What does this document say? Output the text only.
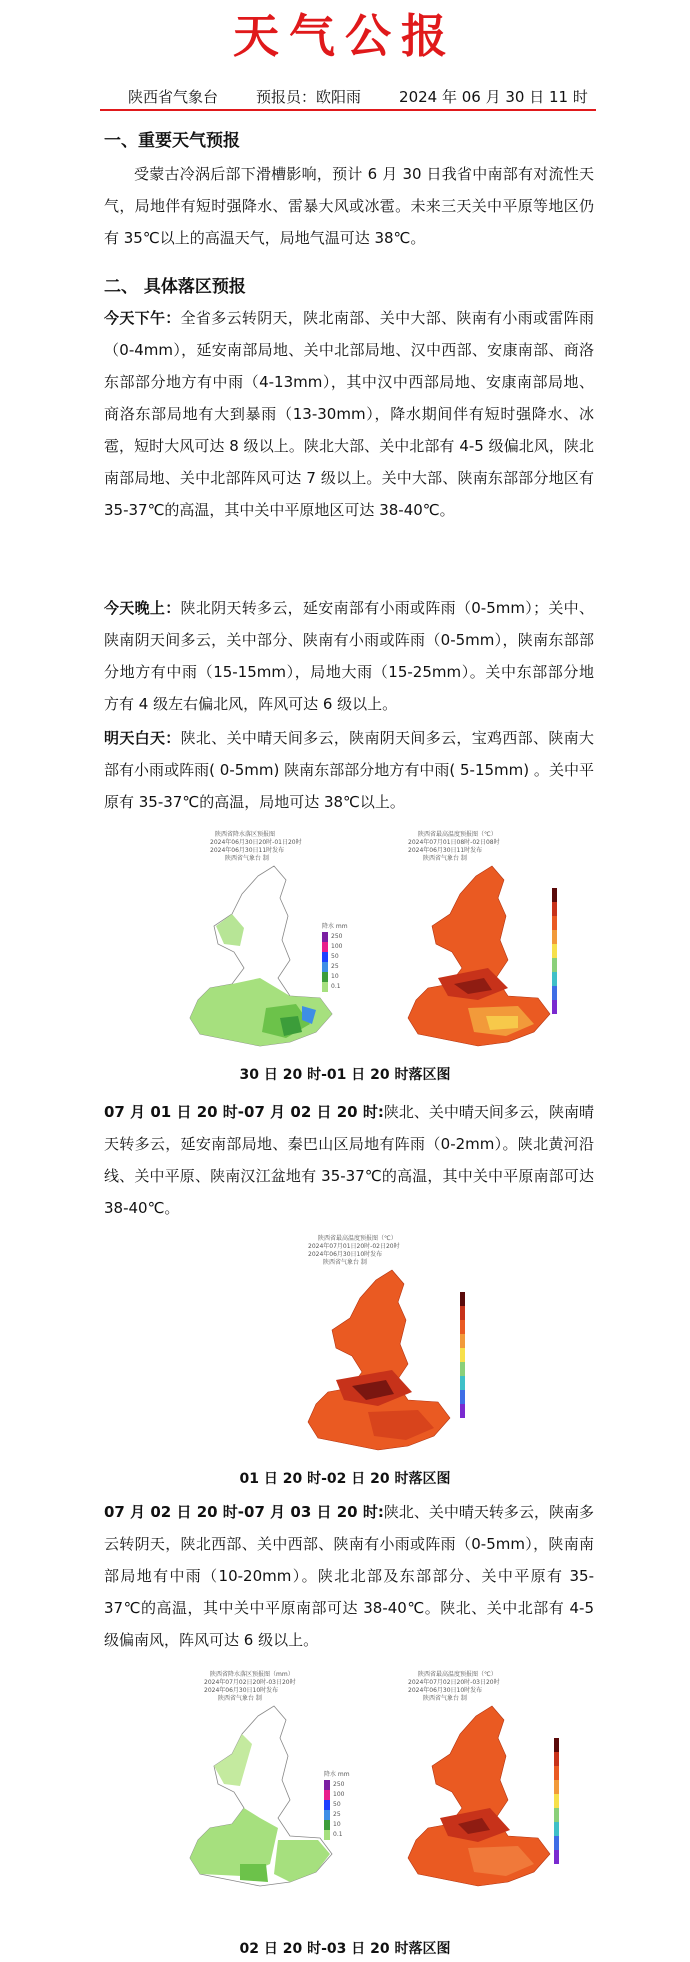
天气公报
陕西省气象台	预报员：欧阳雨	2024 年 06 月 30 日 11 时
一、重要天气预报
受蒙古冷涡后部下滑槽影响，预计 6 月 30 日我省中南部有对流性天气，局地伴有短时强降水、雷暴大风或冰雹。未来三天关中平原等地区仍有 35℃以上的高温天气，局地气温可达 38℃。
二、 具体落区预报
今天下午：全省多云转阴天，陕北南部、关中大部、陕南有小雨或雷阵雨（0-4mm），延安南部局地、关中北部局地、汉中西部、安康南部、商洛东部部分地方有中雨（4-13mm），其中汉中西部局地、安康南部局地、商洛东部局地有大到暴雨（13-30mm），降水期间伴有短时强降水、冰雹，短时大风可达 8 级以上。陕北大部、关中北部有 4-5 级偏北风，陕北南部局地、关中北部阵风可达 7 级以上。关中大部、陕南东部部分地区有 35-37℃的高温，其中关中平原地区可达 38-40℃。
今天晚上：陕北阴天转多云，延安南部有小雨或阵雨（0-5mm）；关中、陕南阴天间多云，关中部分、陕南有小雨或阵雨（0-5mm），陕南东部部分地方有中雨（15-15mm），局地大雨（15-25mm）。关中东部部分地方有 4 级左右偏北风，阵风可达 6 级以上。
明天白天：陕北、关中晴天间多云，陕南阴天间多云，宝鸡西部、陕南大部有小雨或阵雨( 0-5mm) 陕南东部部分地方有中雨( 5-15mm) 。关中平原有 35-37℃的高温，局地可达 38℃以上。
陕西省降水落区预报图
2024年06月30日20时-01日20时
2024年06月30日11时发布
陕西省气象台 制
降水 mm
250
100
50
25
10
0.1
陕西省最高温度预报图（℃）
2024年07月01日08时-02日08时
2024年06月30日11时发布
陕西省气象台 制
30 日 20 时-01 日 20 时落区图
07 月 01 日 20 时-07 月 02 日 20 时:陕北、关中晴天间多云，陕南晴天转多云，延安南部局地、秦巴山区局地有阵雨（0-2mm）。陕北黄河沿线、关中平原、陕南汉江盆地有 35-37℃的高温，其中关中平原南部可达 38-40℃。
陕西省最高温度预报图（℃）
2024年07月01日20时-02日20时
2024年06月30日10时发布
陕西省气象台 制
01 日 20 时-02 日 20 时落区图
07 月 02 日 20 时-07 月 03 日 20 时:陕北、关中晴天转多云，陕南多云转阴天，陕北西部、关中西部、陕南有小雨或阵雨（0-5mm），陕南南部局地有中雨（10-20mm）。陕北北部及东部部分、关中平原有 35-37℃的高温，其中关中平原南部可达 38-40℃。陕北、关中北部有 4-5 级偏南风，阵风可达 6 级以上。
陕西省降水落区预报图（mm）
2024年07月02日20时-03日20时
2024年06月30日10时发布
陕西省气象台 制
降水 mm
250
100
50
25
10
0.1
陕西省最高温度预报图（℃）
2024年07月02日20时-03日20时
2024年06月30日10时发布
陕西省气象台 制
02 日 20 时-03 日 20 时落区图
